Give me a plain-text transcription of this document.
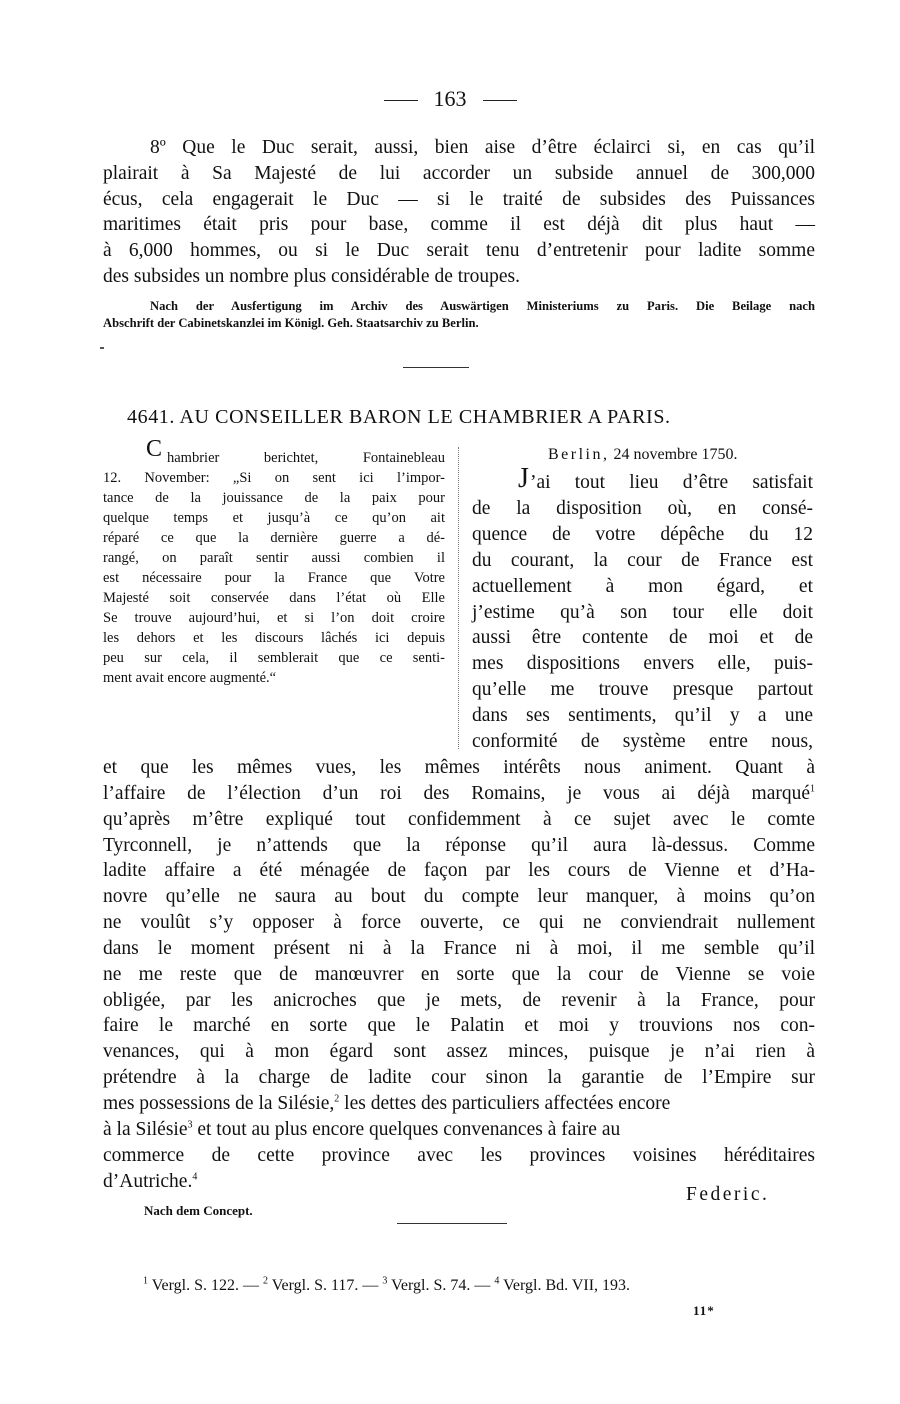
163
8º Que le Duc serait, aussi, bien aise d’être éclairci si, en cas qu’il
plairait à Sa Majesté de lui accorder un subside annuel de 300,000
écus, cela engagerait le Duc — si le traité de subsides des Puissances
maritimes était pris pour base, comme il est déjà dit plus haut —
à 6,000 hommes, ou si le Duc serait tenu d’entretenir pour ladite somme
des subsides un nombre plus considérable de troupes.
Nach der Ausfertigung im Archiv des Auswärtigen Ministeriums zu Paris. Die Beilage nach
Abschrift der Cabinetskanzlei im Königl. Geh. Staatsarchiv zu Berlin.
4641. AU CONSEILLER BARON LE CHAMBRIER A PARIS.
C hambrier berichtet, Fontainebleau
12. November: „Si on sent ici l’impor-
tance de la jouissance de la paix pour
quelque temps et jusqu’à ce qu’on ait
réparé ce que la dernière guerre a dé-
rangé, on paraît sentir aussi combien il
est nécessaire pour la France que Votre
Majesté soit conservée dans l’état où Elle
Se trouve aujourd’hui, et si l’on doit croire
les dehors et les discours lâchés ici depuis
peu sur cela, il semblerait que ce senti-
ment avait encore augmenté.“
Berlin, 24 novembre 1750.
J ’ai tout lieu d’être satisfait
de la disposition où, en consé-
quence de votre dépêche du 12
du courant, la cour de France est
actuellement à mon égard, et
j’estime qu’à son tour elle doit
aussi être contente de moi et de
mes dispositions envers elle, puis-
qu’elle me trouve presque partout
dans ses sentiments, qu’il y a une
conformité de système entre nous,
et que les mêmes vues, les mêmes intérêts nous animent. Quant à
l’affaire de l’élection d’un roi des Romains, je vous ai déjà marqué$^1$
qu’après m’être expliqué tout confidemment à ce sujet avec le comte
Tyrconnell, je n’attends que la réponse qu’il aura là-dessus. Comme
ladite affaire a été ménagée de façon par les cours de Vienne et d’Ha-
novre qu’elle ne saura au bout du compte leur manquer, à moins qu’on
ne voulût s’y opposer à force ouverte, ce qui ne conviendrait nullement
dans le moment présent ni à la France ni à moi, il me semble qu’il
ne me reste que de manœuvrer en sorte que la cour de Vienne se voie
obligée, par les anicroches que je mets, de revenir à la France, pour
faire le marché en sorte que le Palatin et moi y trouvions nos con-
venances, qui à mon égard sont assez minces, puisque je n’ai rien à
prétendre à la charge de ladite cour sinon la garantie de l’Empire sur
mes possessions de la Silésie,$^2$ les dettes des particuliers affectées encore
à la Silésie$^3$ et tout au plus encore quelques convenances à faire au
commerce de cette province avec les provinces voisines héréditaires
d’Autriche.$^4$
Federic.
Nach dem Concept.
$^1$ Vergl. S. 122. — $^2$ Vergl. S. 117. — $^3$ Vergl. S. 74. — $^4$ Vergl. Bd. VII, 193.
11*
